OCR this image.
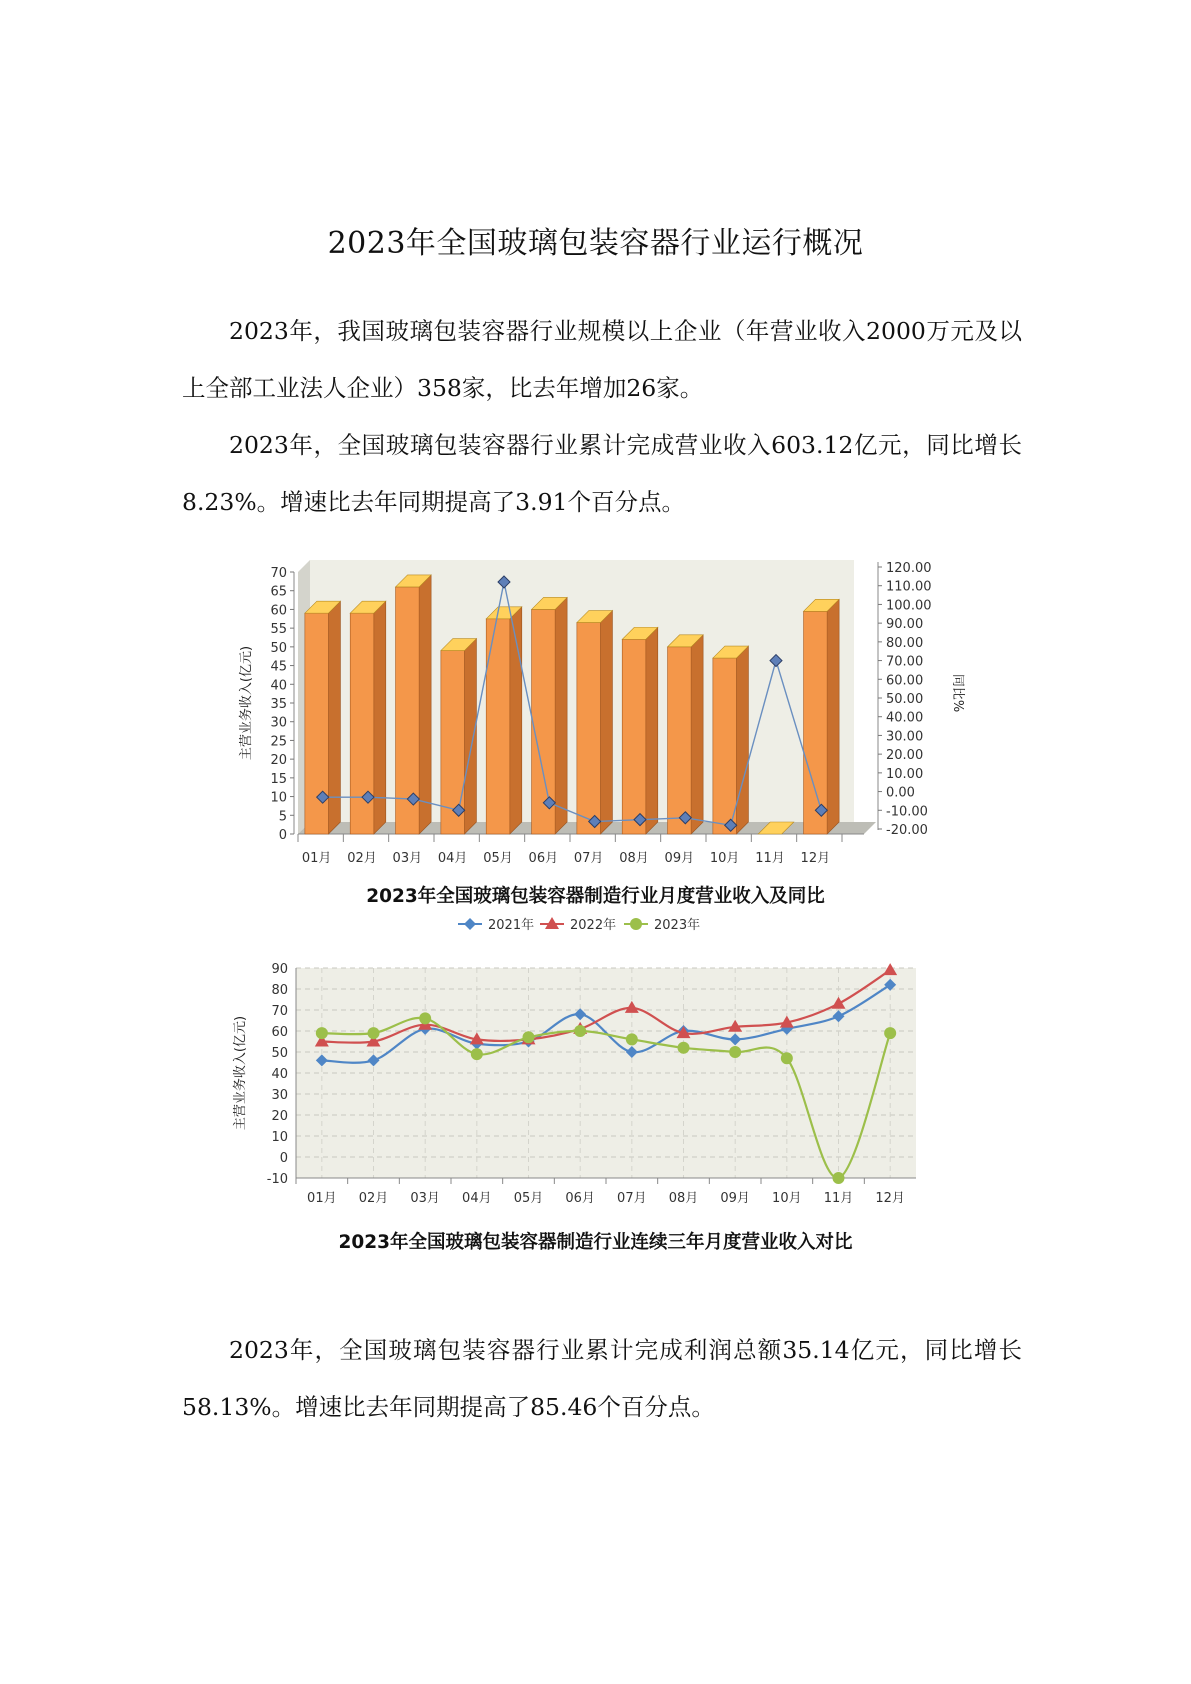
2023年全国玻璃包装容器行业运行概况

2023年，我国玻璃包装容器行业规模以上企业（年营业收入2000万元及以上全部工业法人企业）358家，比去年增加26家。

2023年，全国玻璃包装容器行业累计完成营业收入603.12亿元，同比增长8.23%。增速比去年同期提高了3.91个百分点。

0
5
10
15
20
25
30
35
40
45
50
55
60
65
70
-20.00
-10.00
0.00
10.00
20.00
30.00
40.00
50.00
60.00
70.00
80.00
90.00
100.00
110.00
120.00
主营业务收入(亿元)	同比%
01月 02月 03月 04月 05月 06月 07月 08月 09月 10月 11月 12月
2023年全国玻璃包装容器制造行业月度营业收入及同比
-10
0
10
20
30
40
50
60
70
80
90
01月 02月 03月 04月 05月 06月 07月 08月 09月 10月 11月 12月
主营业务收入(亿元)
2021年	2022年	2023年
2023年全国玻璃包装容器制造行业连续三年月度营业收入对比

2023年，全国玻璃包装容器行业累计完成利润总额35.14亿元，同比增长58.13%。增速比去年同期提高了85.46个百分点。
